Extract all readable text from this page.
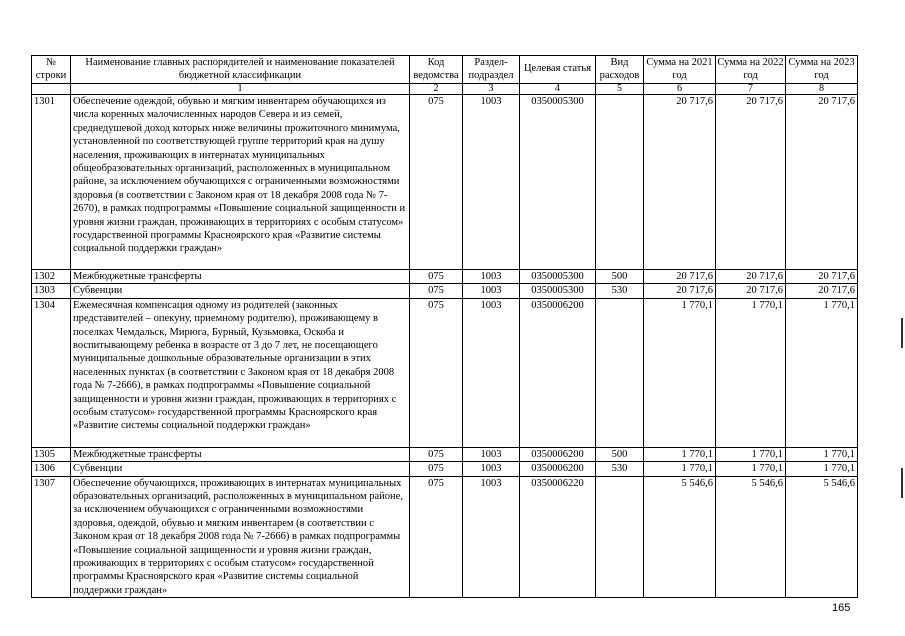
№ строки	Наименование главных распорядителей и наименование показателей бюджетной классификации	Код ведомства	Раздел-подраздел	Целевая статья	Вид расходов	Сумма на 2021 год	Сумма на 2022 год	Сумма на 2023 год
	1	2	3	4	5	6	7	8
1301	Обеспечение одеждой, обувью и мягким инвентарем обучающихся из числа коренных малочисленных народов Севера и из семей, среднедушевой доход которых ниже величины прожиточного минимума, установленной по соответствующей группе территорий края на душу населения, проживающих в интернатах муниципальных общеобразовательных организаций, расположенных в муниципальном районе, за исключением обучающихся с ограниченными возможностями здоровья (в соответствии с Законом края от 18 декабря 2008 года № 7-2670), в рамках подпрограммы «Повышение социальной защищенности и уровня жизни граждан, проживающих в территориях с особым статусом» государственной программы Красноярского края «Развитие системы социальной поддержки граждан»	075	1003	0350005300		20 717,6	20 717,6	20 717,6
1302	Межбюджетные трансферты	075	1003	0350005300	500	20 717,6	20 717,6	20 717,6
1303	Субвенции	075	1003	0350005300	530	20 717,6	20 717,6	20 717,6
1304	Ежемесячная компенсация одному из родителей (законных представителей – опекуну, приемному родителю), проживающему в поселках Чемдальск, Мирюга, Бурный, Кузьмовка, Оскоба и воспитывающему ребенка в возрасте от 3 до 7 лет, не посещающего муниципальные дошкольные образовательные организации в этих населенных пунктах (в соответствии с Законом края от 18 декабря 2008 года № 7-2666), в рамках подпрограммы «Повышение социальной защищенности и уровня жизни граждан, проживающих в территориях с особым статусом» государственной программы Красноярского края «Развитие системы социальной поддержки граждан»	075	1003	0350006200		1 770,1	1 770,1	1 770,1
1305	Межбюджетные трансферты	075	1003	0350006200	500	1 770,1	1 770,1	1 770,1
1306	Субвенции	075	1003	0350006200	530	1 770,1	1 770,1	1 770,1
1307	Обеспечение обучающихся, проживающих в интернатах муниципальных образовательных организаций, расположенных в муниципальном районе, за исключением обучающихся с ограниченными возможностями здоровья, одеждой, обувью и мягким инвентарем (в соответствии с Законом края от 18 декабря 2008 года № 7-2666) в рамках подпрограммы «Повышение социальной защищенности и уровня жизни граждан, проживающих в территориях с особым статусом» государственной программы Красноярского края «Развитие системы социальной поддержки граждан»	075	1003	0350006220		5 546,6	5 546,6	5 546,6
165
